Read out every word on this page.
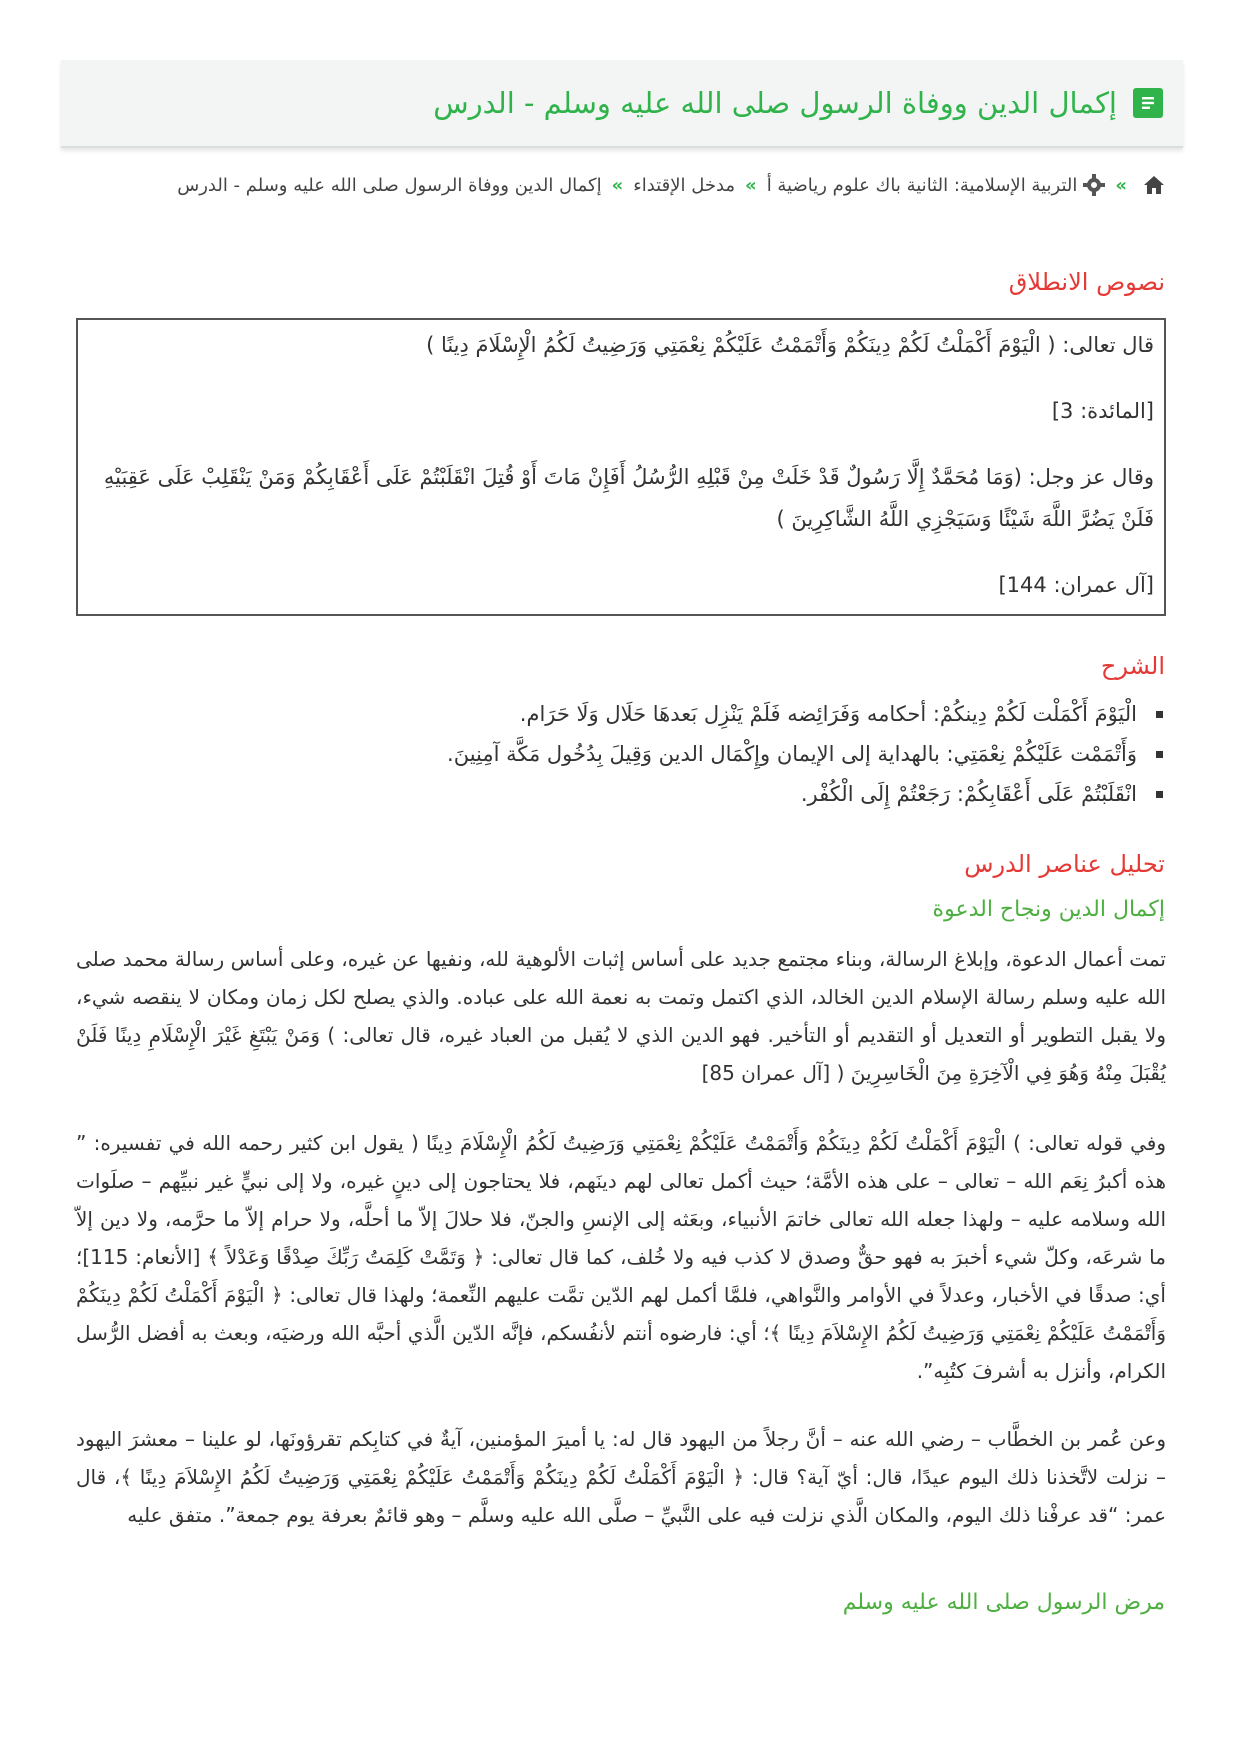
إكمال الدين ووفاة الرسول صلى الله عليه وسلم - الدرس
»
التربية الإسلامية: الثانية باك علوم رياضية أ
»
مدخل الإقتداء
»
إكمال الدين ووفاة الرسول صلى الله عليه وسلم - الدرس
نصوص الانطلاق

قال تعالى: ( الْيَوْمَ أَكْمَلْتُ لَكُمْ دِينَكُمْ وَأَتْمَمْتُ عَلَيْكُمْ نِعْمَتِي وَرَضِيتُ لَكُمُ الْإِسْلَامَ دِينًا )

[المائدة: 3]

وقال عز وجل: (وَمَا مُحَمَّدٌ إِلَّا رَسُولٌ قَدْ خَلَتْ مِنْ قَبْلِهِ الرُّسُلُ أَفَإِنْ مَاتَ أَوْ قُتِلَ انْقَلَبْتُمْ عَلَى أَعْقَابِكُمْ وَمَنْ يَنْقَلِبْ عَلَى عَقِبَيْهِ فَلَنْ يَضُرَّ اللَّهَ شَيْئًا وَسَيَجْزِي اللَّهُ الشَّاكِرِينَ )

[آل عمران: 144]

الشرح
الْيَوْمَ أَكْمَلْت لَكُمْ دِينكُمْ: أحكامه وَفَرَائِضه فَلَمْ يَنْزِل بَعدهَا حَلَال وَلَا حَرَام.
وَأَتْمَمْت عَلَيْكُمْ نِعْمَتِي: بالهداية إلى الإيمان وإِكْمَال الدين وَقِيلَ بِدُخُول مَكَّة آمِنِينَ.
انْقَلَبْتُمْ عَلَى أَعْقَابِكُمْ: رَجَعْتُمْ إِلَى الْكُفْر.
تحليل عناصر الدرس
إكمال الدين ونجاح الدعوة

تمت أعمال الدعوة، وإبلاغ الرسالة، وبناء مجتمع جديد على أساس إثبات الألوهية لله، ونفيها عن غيره، وعلى أساس رسالة محمد صلى الله عليه وسلم رسالة الإسلام الدين الخالد، الذي اكتمل وتمت به نعمة الله على عباده. والذي يصلح لكل زمان ومكان لا ينقصه شيء، ولا يقبل التطوير أو التعديل أو التقديم أو التأخير. فهو الدين الذي لا يُقبل من العباد غيره، قال تعالى: ) وَمَنْ يَبْتَغِ غَيْرَ الْإِسْلَامِ دِينًا فَلَنْ يُقْبَلَ مِنْهُ وَهُوَ فِي الْآخِرَةِ مِنَ الْخَاسِرِينَ ( [آل عمران 85]

وفي قوله تعالى: ) الْيَوْمَ أَكْمَلْتُ لَكُمْ دِينَكُمْ وَأَتْمَمْتُ عَلَيْكُمْ نِعْمَتِي وَرَضِيتُ لَكُمُ الْإِسْلَامَ دِينًا ( يقول ابن كثير رحمه الله في تفسيره: ” هذه أكبرُ نِعَم الله – تعالى – على هذه الأمَّة؛ حيث أكمل تعالى لهم دينَهم، فلا يحتاجون إلى دينٍ غيره، ولا إلى نبيٍّ غير نبيِّهم – صلَوات الله وسلامه عليه – ولهذا جعله الله تعالى خاتمَ الأنبياء، وبعَثه إلى الإنسِ والجنّ، فلا حلالَ إلاّ ما أحلَّه، ولا حرام إلاّ ما حرَّمه، ولا دين إلاّ ما شرعَه، وكلّ شيء أخبرَ به فهو حقٌّ وصدق لا كذب فيه ولا خُلف، كما قال تعالى: ﴿ وَتَمَّتْ كَلِمَتُ رَبِّكَ صِدْقًا وَعَدْلاً ﴾ [الأنعام: 115]؛ أي: صدقًا في الأخبار، وعدلاً في الأوامر والنَّواهي، فلمَّا أكمل لهم الدّين تمَّت عليهم النِّعمة؛ ولهذا قال تعالى: ﴿ الْيَوْمَ أَكْمَلْتُ لَكُمْ دِينَكُمْ وَأَتْمَمْتُ عَلَيْكُمْ نِعْمَتِي وَرَضِيتُ لَكُمُ الإِسْلاَمَ دِينًا ﴾؛ أي: فارضوه أنتم لأنفُسكم، فإنَّه الدّين الَّذي أحبَّه الله ورضيَه، وبعث به أفضل الرُّسل الكرام، وأنزل به أشرفَ كتُبِه”.

وعن عُمر بن الخطَّاب – رضي الله عنه – أنَّ رجلاً من اليهود قال له: يا أميرَ المؤمنين، آيةٌ في كتابِكم تقرؤونَها، لو علينا – معشرَ اليهود – نزلت لاتَّخذنا ذلك اليوم عيدًا، قال: أيّ آية؟ قال: ﴿ الْيَوْمَ أَكْمَلْتُ لَكُمْ دِينَكُمْ وَأَتْمَمْتُ عَلَيْكُمْ نِعْمَتِي وَرَضِيتُ لَكُمُ الإِسْلاَمَ دِينًا ﴾، قال عمر: “قد عرفْنا ذلك اليوم، والمكان الَّذي نزلت فيه على النَّبيِّ – صلَّى الله عليه وسلَّم – وهو قائمٌ بعرفة يوم جمعة”. متفق عليه

مرض الرسول صلى الله عليه وسلم
